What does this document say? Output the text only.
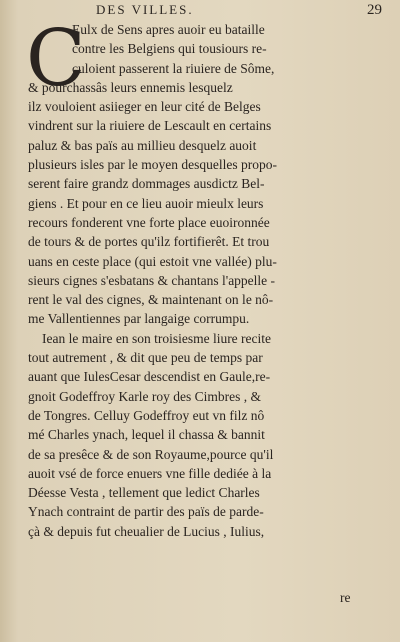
DES VILLES.	29
C
Eulx de Sens apres auoir eu bataille
contre les Belgiens qui tousiours re-
culoient passerent la riuiere de Sôme,
& pourchassâs leurs ennemis lesquelz
ilz vouloient asiieger en leur cité de Belges
vindrent sur la riuiere de Lescault en certains
paluz & bas païs au millieu desquelz auoit
plusieurs isles par le moyen desquelles propo-
serent faire grandz dommages ausdictz Bel-
giens . Et pour en ce lieu auoir mieulx leurs
recours fonderent vne forte place euoironnée
de tours & de portes qu'ilz fortifierêt. Et trou
uans en ceste place (qui estoit vne vallée) plu-
sieurs cignes s'esbatans & chantans l'appelle -
rent le val des cignes, & maintenant on le nô-
me Vallentiennes par langaige corrumpu.
Iean le maire en son troisiesme liure recite
tout autrement , & dit que peu de temps par
auant que IulesCesar descendist en Gaule,re-
gnoit Godeffroy Karle roy des Cimbres , &
de Tongres. Celluy Godeffroy eut vn filz nô
mé Charles ynach, lequel il chassa & bannit
de sa presêce & de son Royaume,pource qu'il
auoit vsé de force enuers vne fille dediée à la
Déesse Vesta , tellement que ledict Charles
Ynach contraint de partir des païs de parde-
çà & depuis fut cheualier de Lucius , Iulius,
re
